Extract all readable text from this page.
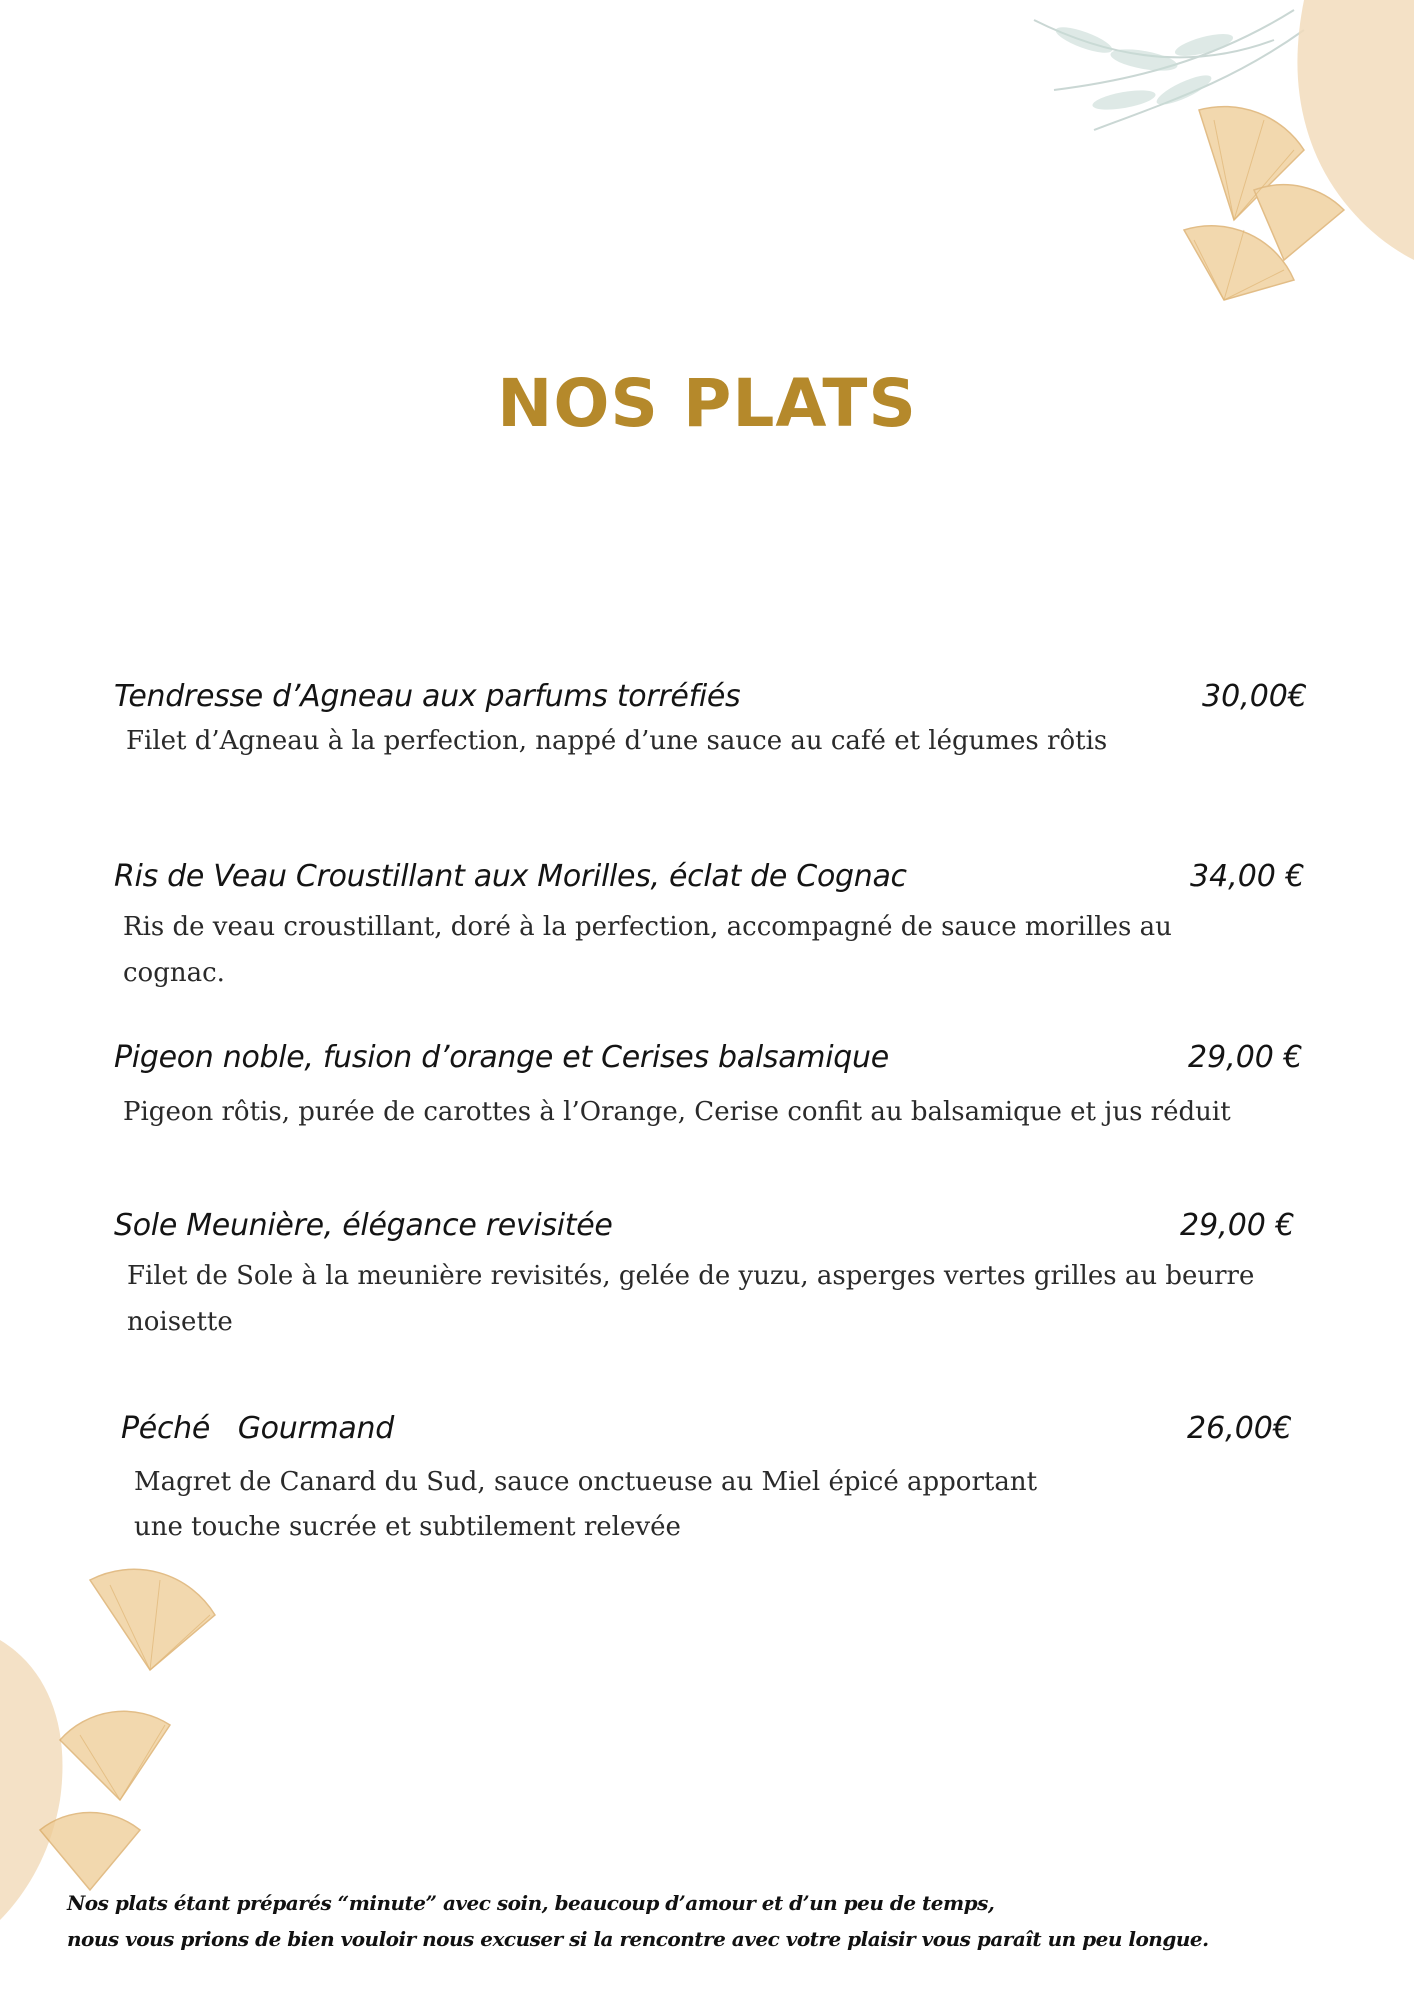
NOS PLATS
Tendresse d’Agneau aux parfums torréfiés	30,00€
Filet d’Agneau à la perfection, nappé d’une sauce au café et légumes rôtis
Ris de Veau Croustillant aux Morilles, éclat de Cognac	34,00 €
Ris de veau croustillant, doré à la perfection, accompagné de sauce morilles au
cognac.
Pigeon noble, fusion d’orange et Cerises balsamique	29,00 €
Pigeon rôtis, purée de carottes à l’Orange, Cerise confit au balsamique et jus réduit
Sole Meunière, élégance revisitée	29,00 €
Filet de Sole à la meunière revisités, gelée de yuzu, asperges vertes grilles au beurre
noisette
Péché   Gourmand	26,00€
Magret de Canard du Sud, sauce onctueuse au Miel épicé apportant
une touche sucrée et subtilement relevée
Nos plats étant préparés “minute” avec soin, beaucoup d’amour et d’un peu de temps,
nous vous prions de bien vouloir nous excuser si la rencontre avec votre plaisir vous paraît un peu longue.
